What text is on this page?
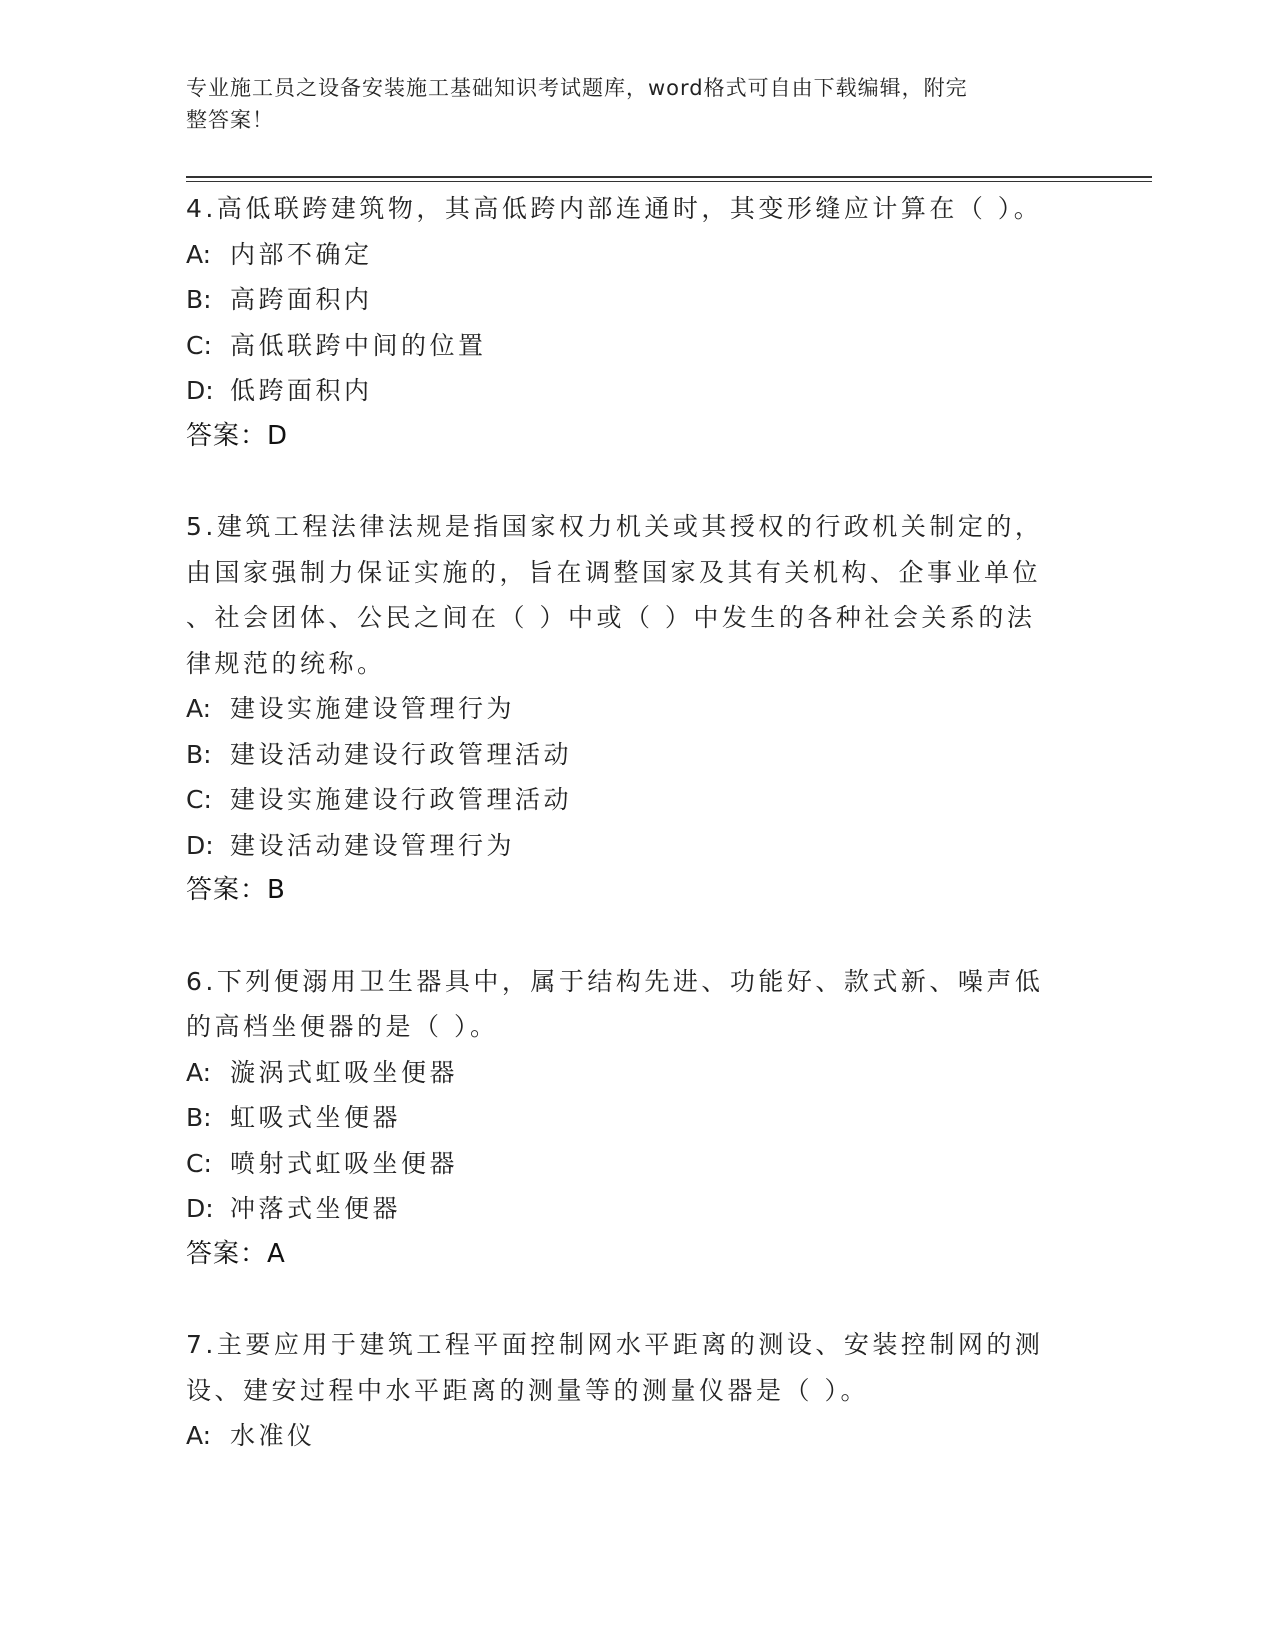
专业施工员之设备安装施工基础知识考试题库，word格式可自由下载编辑，附完
整答案！
4.高低联跨建筑物，其高低跨内部连通时，其变形缝应计算在（ ）。
A: 内部不确定
B: 高跨面积内
C: 高低联跨中间的位置
D: 低跨面积内
答案：D
5.建筑工程法律法规是指国家权力机关或其授权的行政机关制定的，
由国家强制力保证实施的，旨在调整国家及其有关机构、企事业单位
、社会团体、公民之间在（ ）中或（ ）中发生的各种社会关系的法
律规范的统称。
A: 建设实施建设管理行为
B: 建设活动建设行政管理活动
C: 建设实施建设行政管理活动
D: 建设活动建设管理行为
答案：B
6.下列便溺用卫生器具中，属于结构先进、功能好、款式新、噪声低
的高档坐便器的是（ ）。
A: 漩涡式虹吸坐便器
B: 虹吸式坐便器
C: 喷射式虹吸坐便器
D: 冲落式坐便器
答案：A
7.主要应用于建筑工程平面控制网水平距离的测设、安装控制网的测
设、建安过程中水平距离的测量等的测量仪器是（ ）。
A: 水准仪
